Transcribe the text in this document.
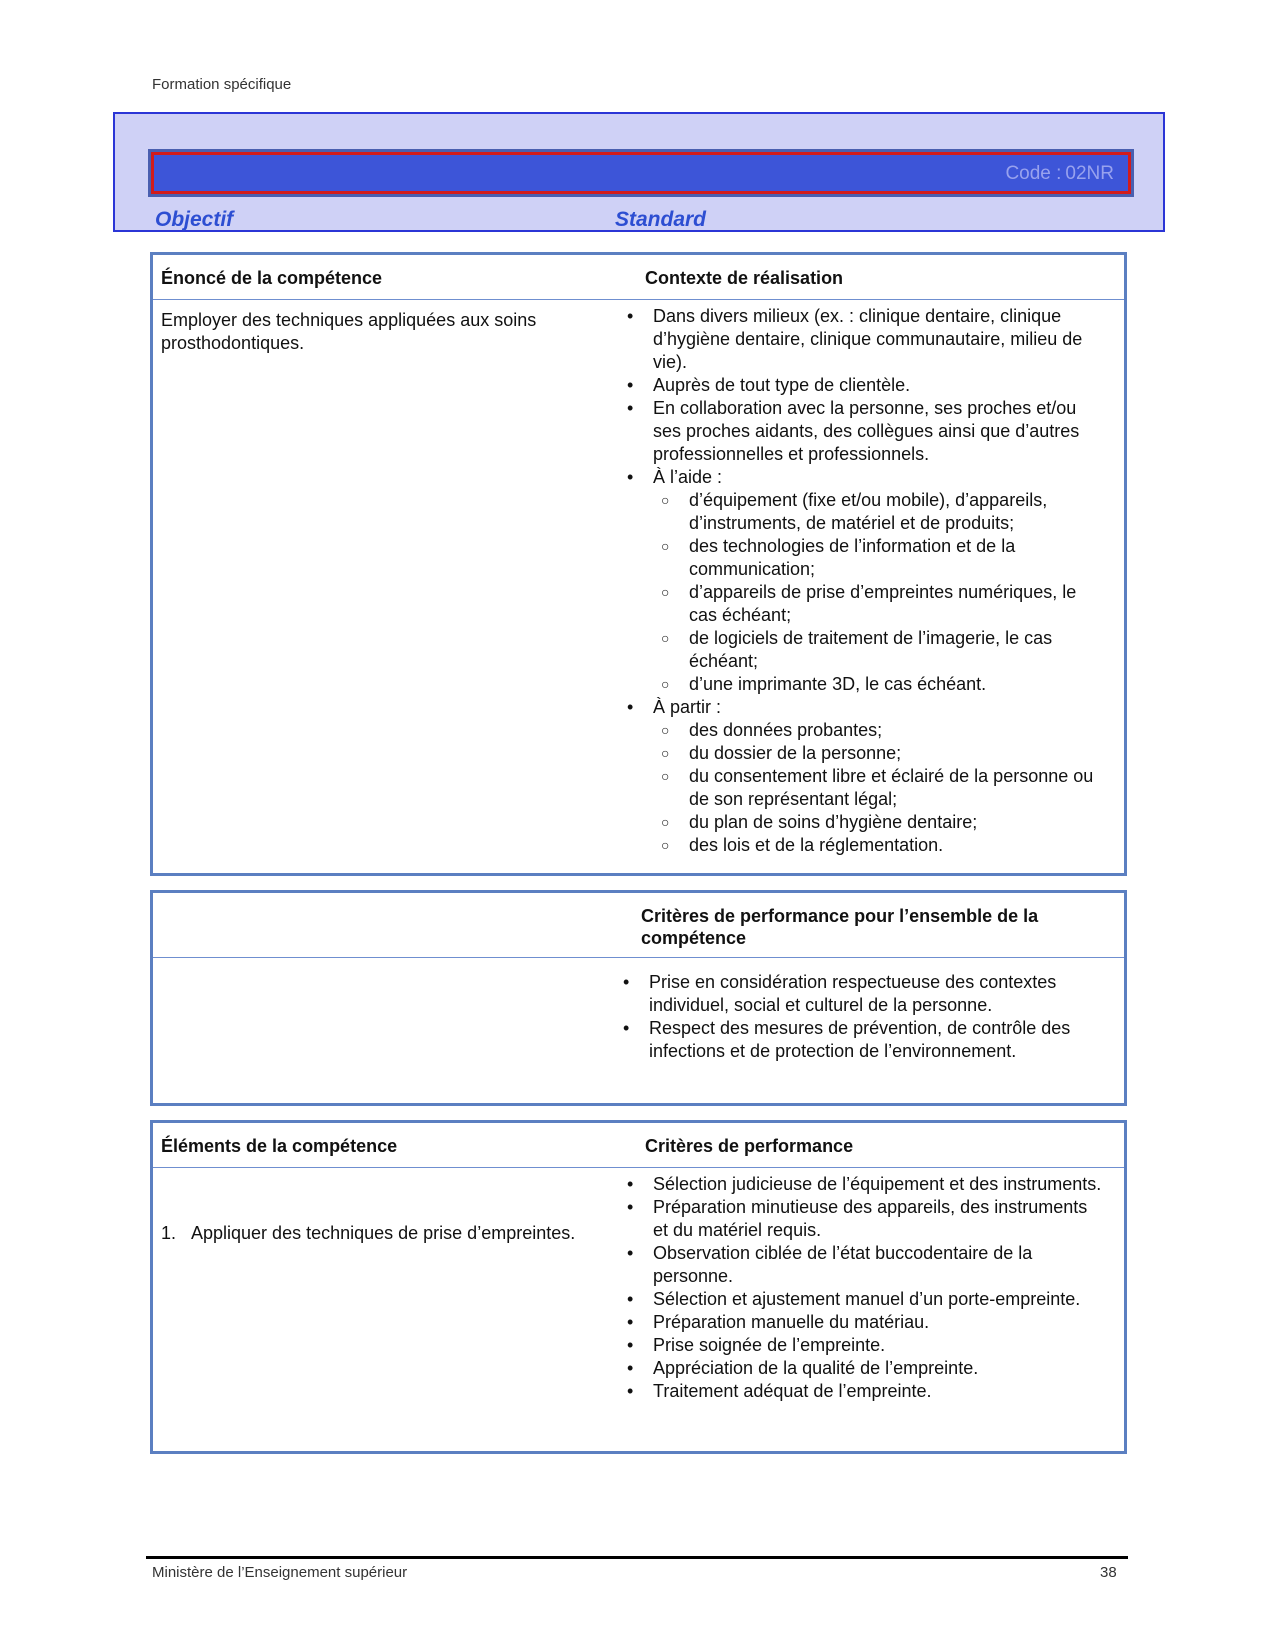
Formation spécifique
Code : 02NR
Objectif	Standard
Énoncé de la compétence	Contexte de réalisation
Employer des techniques appliquées aux soins prosthodontiques.
• Dans divers milieux (ex. : clinique dentaire, clinique d’hygiène dentaire, clinique communautaire, milieu de vie).
• Auprès de tout type de clientèle.
• En collaboration avec la personne, ses proches et/ou ses proches aidants, des collègues ainsi que d’autres professionnelles et professionnels.
• À l’aide :
○ d’équipement (fixe et/ou mobile), d’appareils, d’instruments, de matériel et de produits;
○ des technologies de l’information et de la communication;
○ d’appareils de prise d’empreintes numériques, le cas échéant;
○ de logiciels de traitement de l’imagerie, le cas échéant;
○ d’une imprimante 3D, le cas échéant.
• À partir :
○ des données probantes;
○ du dossier de la personne;
○ du consentement libre et éclairé de la personne ou de son représentant légal;
○ du plan de soins d’hygiène dentaire;
○ des lois et de la réglementation.
Critères de performance pour l’ensemble de la compétence
• Prise en considération respectueuse des contextes individuel, social et culturel de la personne.
• Respect des mesures de prévention, de contrôle des infections et de protection de l’environnement.
Éléments de la compétence	Critères de performance
1. Appliquer des techniques de prise d’empreintes.
• Sélection judicieuse de l’équipement et des instruments.
• Préparation minutieuse des appareils, des instruments et du matériel requis.
• Observation ciblée de l’état buccodentaire de la personne.
• Sélection et ajustement manuel d’un porte-empreinte.
• Préparation manuelle du matériau.
• Prise soignée de l’empreinte.
• Appréciation de la qualité de l’empreinte.
• Traitement adéquat de l’empreinte.
Ministère de l’Enseignement supérieur	38
